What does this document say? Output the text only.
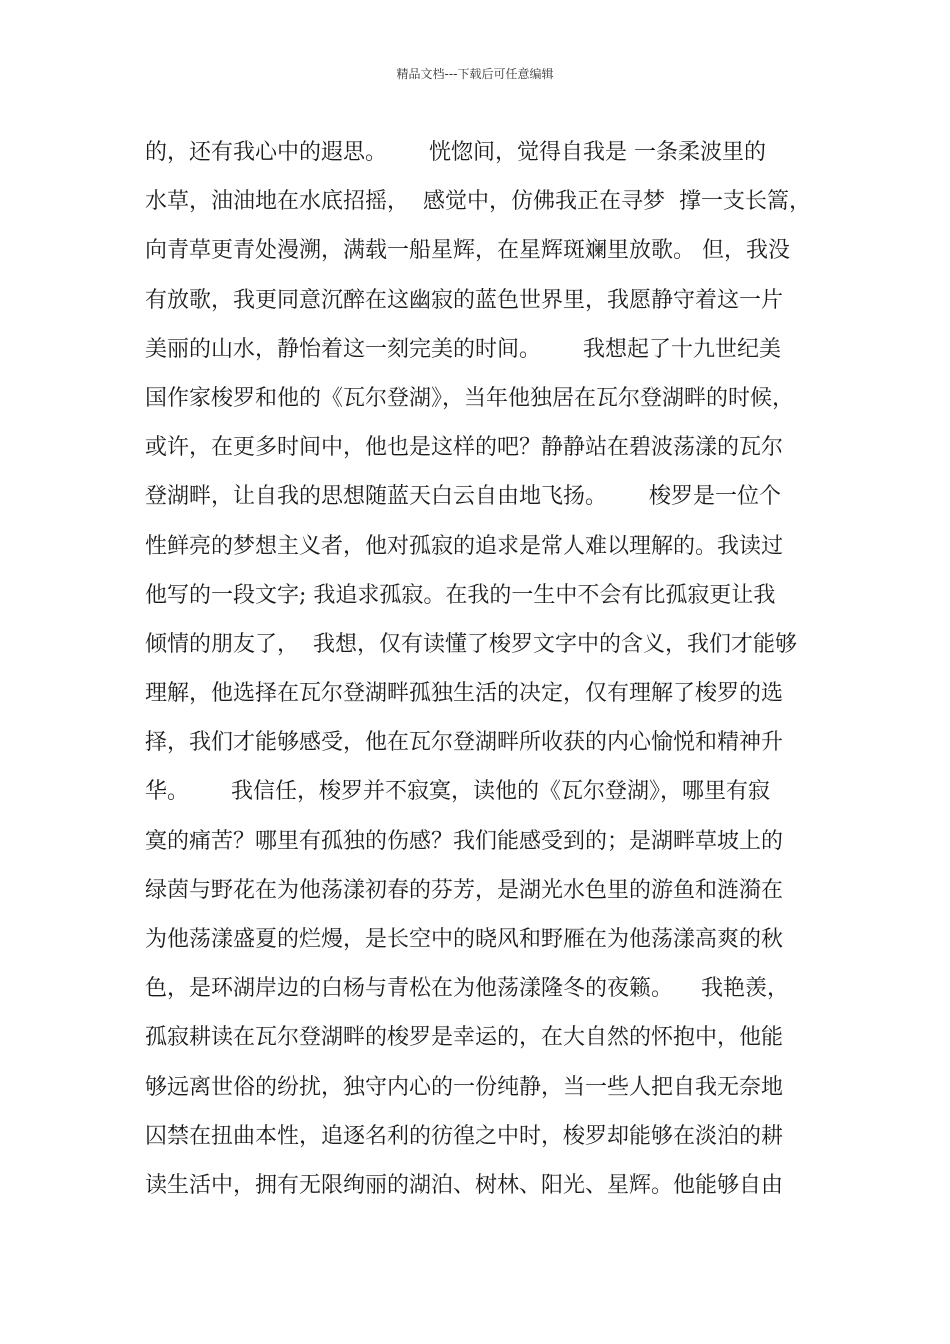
精品文档---下载后可任意编辑
的，还有我心中的遐思。      恍惚间，觉得自我是 一条柔波里的
水草，油油地在水底招摇，  感觉中，仿佛我正在寻梦  撑一支长篙，
向青草更青处漫溯，满载一船星辉，在星辉斑斓里放歌。 但，我没
有放歌，我更同意沉醉在这幽寂的蓝色世界里，我愿静守着这一片
美丽的山水，静怡着这一刻完美的时间。      我想起了十九世纪美
国作家梭罗和他的《瓦尔登湖》，当年他独居在瓦尔登湖畔的时候，
或许，在更多时间中，他也是这样的吧？静静站在碧波荡漾的瓦尔
登湖畔，让自我的思想随蓝天白云自由地飞扬。      梭罗是一位个
性鲜亮的梦想主义者，他对孤寂的追求是常人难以理解的。我读过
他写的一段文字; 我追求孤寂。在我的一生中不会有比孤寂更让我
倾情的朋友了，  我想，仅有读懂了梭罗文字中的含义，我们才能够
理解，他选择在瓦尔登湖畔孤独生活的决定，仅有理解了梭罗的选
择，我们才能够感受，他在瓦尔登湖畔所收获的内心愉悦和精神升
华。      我信任，梭罗并不寂寞，读他的《瓦尔登湖》，哪里有寂
寞的痛苦？哪里有孤独的伤感？我们能感受到的；是湖畔草坡上的
绿茵与野花在为他荡漾初春的芬芳，是湖光水色里的游鱼和涟漪在
为他荡漾盛夏的烂熳，是长空中的晓风和野雁在为他荡漾高爽的秋
色，是环湖岸边的白杨与青松在为他荡漾隆冬的夜籁。    我艳羡，
孤寂耕读在瓦尔登湖畔的梭罗是幸运的，在大自然的怀抱中，他能
够远离世俗的纷扰，独守内心的一份纯静，当一些人把自我无奈地
囚禁在扭曲本性，追逐名利的彷徨之中时，梭罗却能够在淡泊的耕
读生活中，拥有无限绚丽的湖泊、树林、阳光、星辉。他能够自由
